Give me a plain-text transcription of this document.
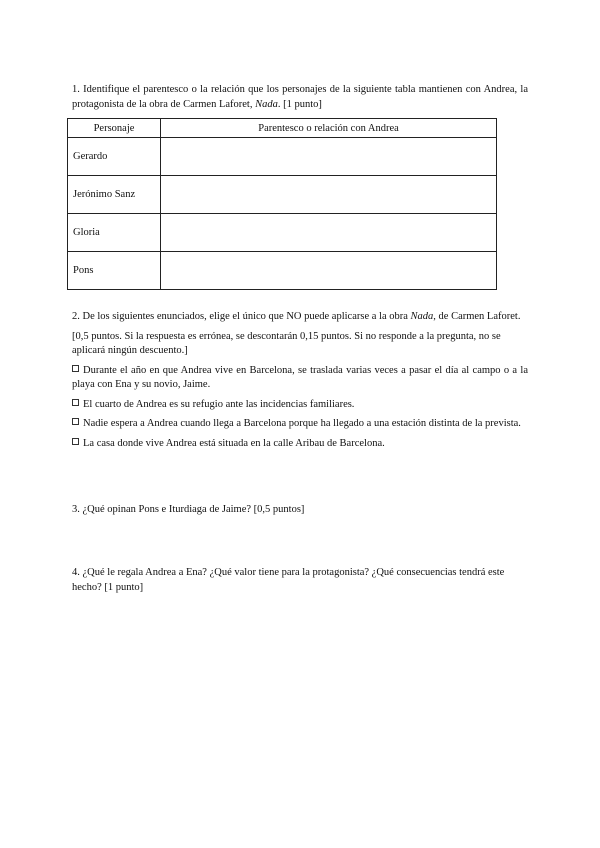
1. Identifique el parentesco o la relación que los personajes de la siguiente tabla mantienen con Andrea, la protagonista de la obra de Carmen Laforet, Nada. [1 punto]
Personaje	Parentesco o relación con Andrea
Gerardo	
Jerónimo Sanz	
Gloria	
Pons	

2. De los siguientes enunciados, elige el único que NO puede aplicarse a la obra Nada, de Carmen Laforet.

[0,5 puntos. Si la respuesta es errónea, se descontarán 0,15 puntos. Si no responde a la pregunta, no se aplicará ningún descuento.]

Durante el año en que Andrea vive en Barcelona, se traslada varias veces a pasar el día al campo o a la playa con Ena y su novio, Jaime.

El cuarto de Andrea es su refugio ante las incidencias familiares.

Nadie espera a Andrea cuando llega a Barcelona porque ha llegado a una estación distinta de la prevista.

La casa donde vive Andrea está situada en la calle Aribau de Barcelona.

3. ¿Qué opinan Pons e Iturdiaga de Jaime? [0,5 puntos]
4. ¿Qué le regala Andrea a Ena? ¿Qué valor tiene para la protagonista? ¿Qué consecuencias tendrá este hecho? [1 punto]
